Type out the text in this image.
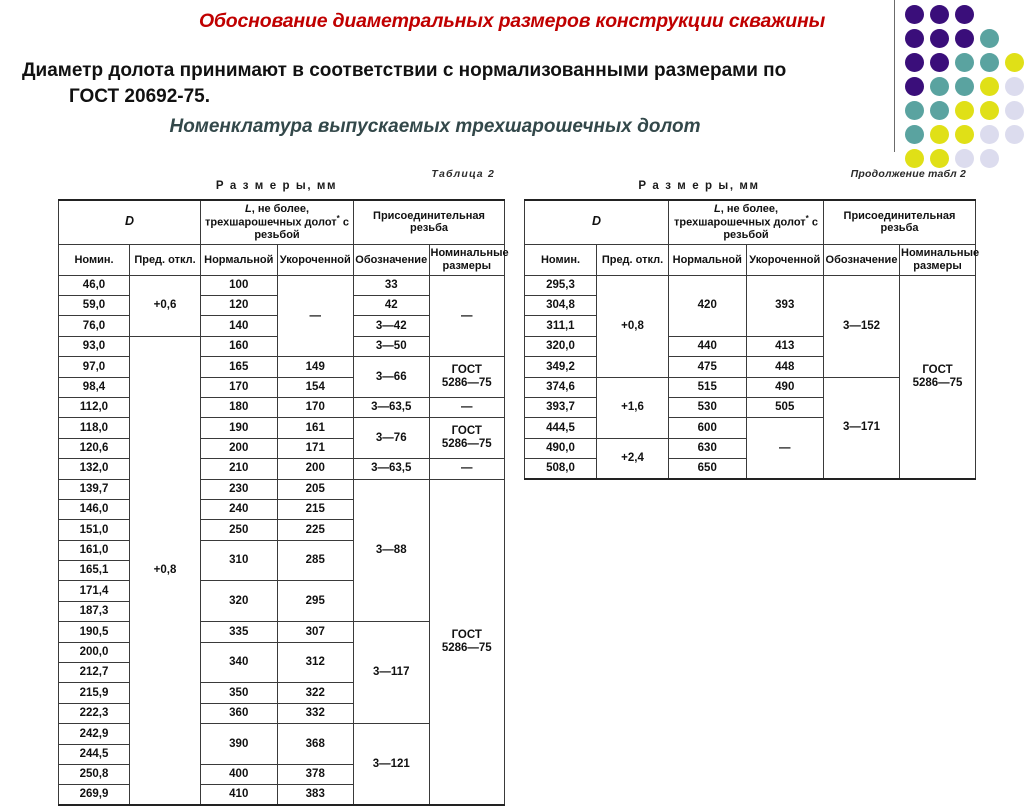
Обоснование диаметральных размеров конструкции скважины
Диаметр долота принимают в соответствии с нормализованными размерами по
ГОСТ 20692-75.
Номенклатура выпускаемых трехшарошечных долот
Таблица 2
Р а з м е р ы, мм
D		L, не более,
трехшарошечных долот* с
резьбой		Присоединительная резьба	
Номин.	Пред. откл.	Нормальной	Укороченной	Обозначение	Номинальные
размеры
46,0	+0,6	100	—	33	—
59,0		120		42	
76,0		140		3—42	
93,0	+0,8	160		3—50	
97,0		165	149	3—66	ГОСТ
5286—75
98,4		170	154		
112,0		180	170	3—63,5	—
118,0		190	161	3—76	ГОСТ
5286—75
120,6		200	171		
132,0		210	200	3—63,5	—
139,7		230	205	3—88	ГОСТ
5286—75
146,0		240	215		
151,0		250	225		
161,0		310	285		
165,1					
171,4		320	295		
187,3					
190,5		335	307	3—117	
200,0		340	312		
212,7					
215,9		350	322		
222,3		360	332		
242,9		390	368	3—121	
244,5					
250,8		400	378		
269,9		410	383		
Продолжение табл 2
Р а з м е р ы, мм
D		L, не более,
трехшарошечных долот* с
резьбой		Присоединительная резьба	
Номин.	Пред. откл.	Нормальной	Укороченной	Обозначение	Номинальные
размеры
295,3	+0,8	420	393	3—152	ГОСТ
5286—75
304,8					
311,1					
320,0		440	413		
349,2		475	448		
374,6	+1,6	515	490	3—171	
393,7		530	505		
444,5		600	—		
490,0	+2,4	630			
508,0		650			
